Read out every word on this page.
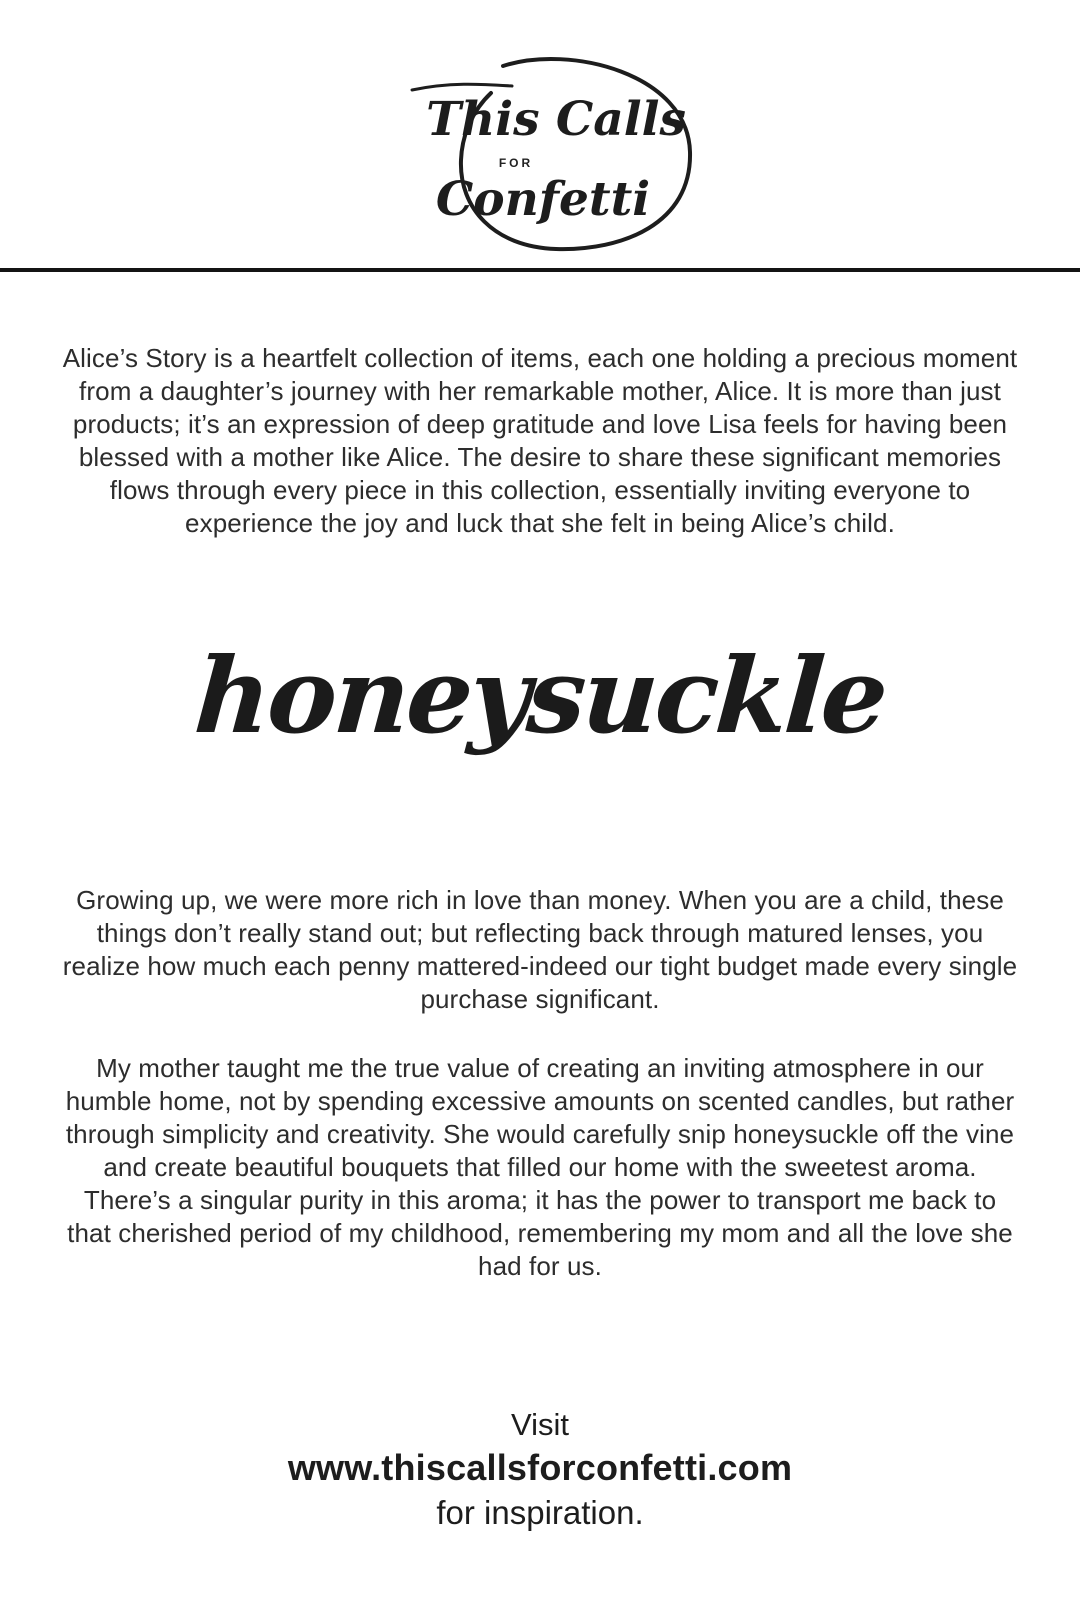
This Calls
FOR
Confetti

Alice’s Story is a heartfelt collection of items, each one holding a precious moment from a daughter’s journey with her remarkable mother, Alice. It is more than just products; it’s an expression of deep gratitude and love Lisa feels for having been blessed with a mother like Alice. The desire to share these significant memories flows through every piece in this collection, essentially inviting everyone to experience the joy and luck that she felt in being Alice’s child.

honeysuckle

Growing up, we were more rich in love than money. When you are a child, these things don’t really stand out; but reflecting back through matured lenses, you realize how much each penny mattered-indeed our tight budget made every single purchase significant.

My mother taught me the true value of creating an inviting atmosphere in our humble home, not by spending excessive amounts on scented candles, but rather through simplicity and creativity. She would carefully snip honeysuckle off the vine and create beautiful bouquets that filled our home with the sweetest aroma. There’s a singular purity in this aroma; it has the power to transport me back to that cherished period of my childhood, remembering my mom and all the love she had for us.

Visit
www.thiscallsforconfetti.com
for inspiration.
